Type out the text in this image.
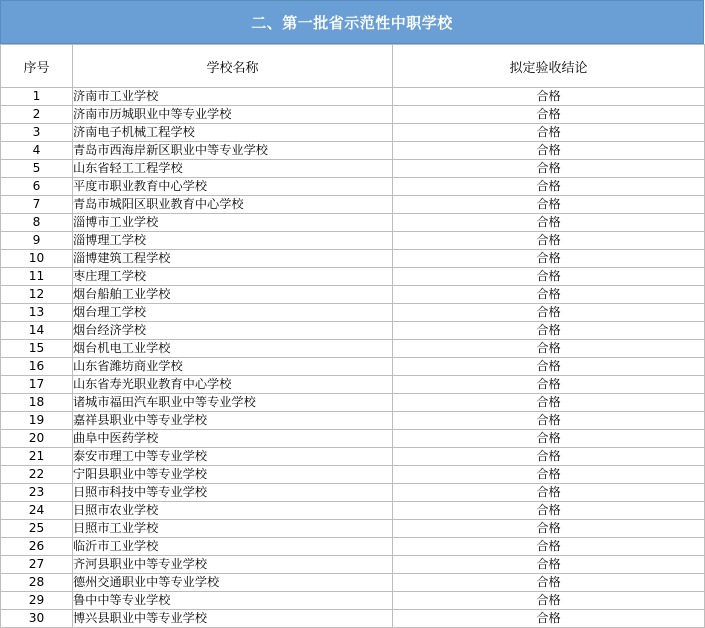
二、第一批省示范性中职学校
序号	学校名称	拟定验收结论
1	济南市工业学校	合格
2	济南市历城职业中等专业学校	合格
3	济南电子机械工程学校	合格
4	青岛市西海岸新区职业中等专业学校	合格
5	山东省轻工工程学校	合格
6	平度市职业教育中心学校	合格
7	青岛市城阳区职业教育中心学校	合格
8	淄博市工业学校	合格
9	淄博理工学校	合格
10	淄博建筑工程学校	合格
11	枣庄理工学校	合格
12	烟台船舶工业学校	合格
13	烟台理工学校	合格
14	烟台经济学校	合格
15	烟台机电工业学校	合格
16	山东省潍坊商业学校	合格
17	山东省寿光职业教育中心学校	合格
18	诸城市福田汽车职业中等专业学校	合格
19	嘉祥县职业中等专业学校	合格
20	曲阜中医药学校	合格
21	泰安市理工中等专业学校	合格
22	宁阳县职业中等专业学校	合格
23	日照市科技中等专业学校	合格
24	日照市农业学校	合格
25	日照市工业学校	合格
26	临沂市工业学校	合格
27	齐河县职业中等专业学校	合格
28	德州交通职业中等专业学校	合格
29	鲁中中等专业学校	合格
30	博兴县职业中等专业学校	合格
